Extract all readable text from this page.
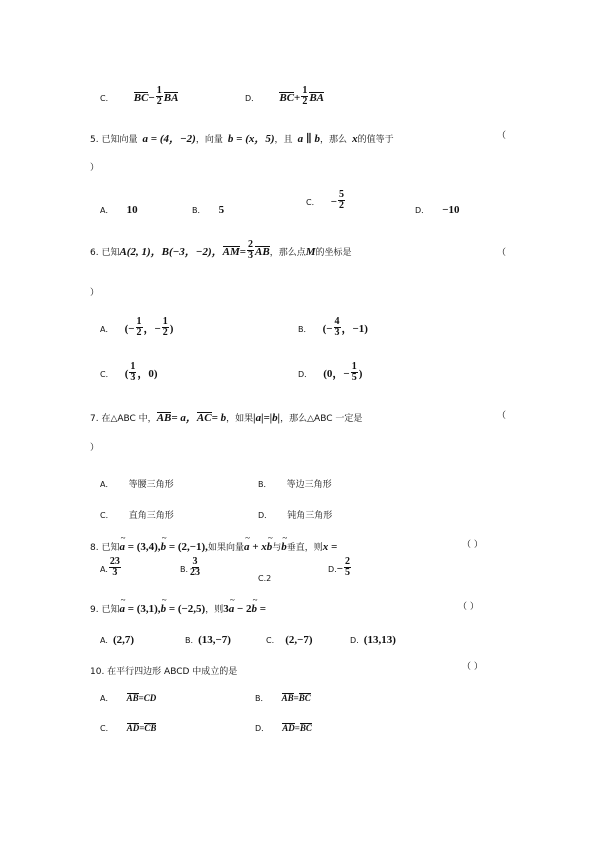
C． $BC- \frac{1}{2}$ BA	D． $BC+ \frac{1}{2}$ BA
5. 已知向量 a = (4，−2)，向量 b = (x，5)，且 a ∥ b，那么 x的值等于	（
）
A． 10	B． 5
C． − $\frac{5}{2}$	D． −10
6. 已知A(2, 1)，B(−3，−2)，$AM= \frac{2}{3}$ AB，那么点M的坐标是	（
）
A． (− $\frac{1}{2}$ ，− $\frac{1}{2}$ )	B． (− $\frac{4}{3}$ ，−1)
C． ( $\frac{1}{3}$ ，0)	D． (0，− $\frac{1}{5}$ )
7. 在△ABC 中，AB= a，AC= b，如果|a|=|b|，那么△ABC 一定是	（
）
A． 等腰三角形	B． 等边三角形
C． 直角三角形	D． 钝角三角形
8. 已知~ a = (3,4),~ b = (2,−1),如果向量~ a + x~ b与~ b垂直，则x =	（ ）
A. $\frac{23}{3}$	B. $\frac{3}{23}$
C.2
$D.- \frac{2}{5}$
9. 已知~ a = (3,1),~ b = (−2,5)，则3~ a − 2~ b =	（ ）
A. (2,7)	B. (13,−7)	C. (2,−7)	D. (13,13)
10. 在平行四边形 ABCD 中成立的是	（ ）
A． AB=CD	B． AB=BC
C． AD=CB	D． AD=BC
